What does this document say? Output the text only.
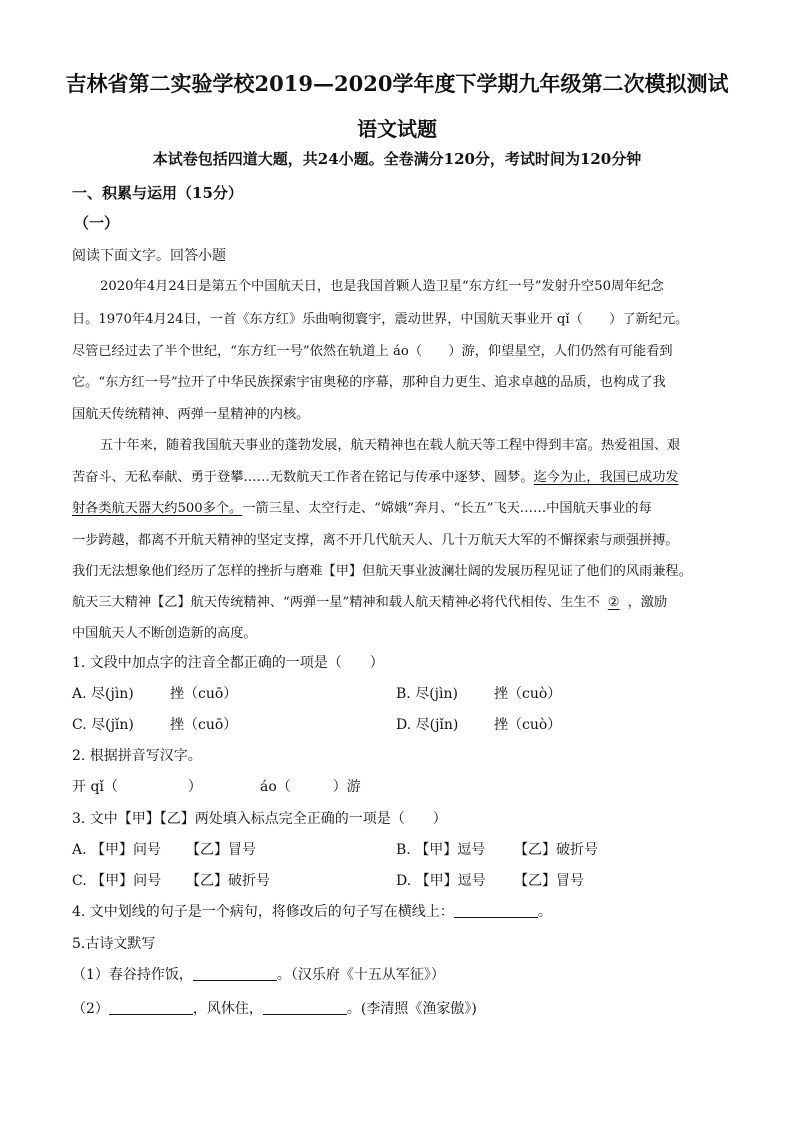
吉林省第二实验学校2019—2020学年度下学期九年级第二次模拟测试
语文试题
本试卷包括四道大题，共24小题。全卷满分120分，考试时间为120分钟
一、积累与运用（15分）
（一）
阅读下面文字。回答小题
2020年4月24日是第五个中国航天日，也是我国首颗人造卫星“东方红一号”发射升空50周年纪念
日。1970年4月24日，一首《东方红》乐曲响彻寰宇，震动世界，中国航天事业开 qǐ（　　）了新纪元。
尽管已经过去了半个世纪，“东方红一号”依然在轨道上 áo（　　）游，仰望星空，人们仍然有可能看到
它。“东方红一号”拉开了中华民族探索宇宙奥秘的序幕，那种自力更生、追求卓越的品质，也构成了我
国航天传统精神、两弹一星精神的内核。
五十年来，随着我国航天事业的蓬勃发展，航天精神也在载人航天等工程中得到丰富。热爱祖国、艰
苦奋斗、无私奉献、勇于登攀……无数航天工作者在铭记与传承中逐梦、圆梦。迄今为止，我国已成功发
射各类航天器大约500多个。一箭三星、太空行走、“嫦娥”奔月、“长五”飞天……中国航天事业的每
一步跨越，都离不开航天精神的坚定支撑，离不开几代航天人、几十万航天大军的不懈探索与顽强拼搏。
我们无法想象他们经历了怎样的挫折与磨难【甲】但航天事业波澜壮阔的发展历程见证了他们的风雨兼程。
航天三大精神【乙】航天传统精神、“两弹一星”精神和载人航天精神必将代代相传、生生不 ② ，激励
中国航天人不断创造新的高度。
1. 文段中加点字的注音全都正确的一项是（　　）
A. 尽(jìn)	挫（cuō）	B. 尽(jìn)	挫（cuò）
C. 尽(jǐn)	挫（cuō）	D. 尽(jǐn)	挫（cuò）
2. 根据拼音写汉字。
开 qǐ（　　　　　）	áo（　　　）游
3. 文中【甲】【乙】两处填入标点完全正确的一项是（　　）
A. 【甲】问号 【乙】冒号	B. 【甲】逗号 【乙】破折号
C. 【甲】问号 【乙】破折号	D. 【甲】逗号 【乙】冒号
4. 文中划线的句子是一个病句，将修改后的句子写在横线上：	。
5.古诗文默写
（1）春谷持作饭，	。（汉乐府《十五从军征》）
（2）	，风休住，	。(李清照《渔家傲》)
